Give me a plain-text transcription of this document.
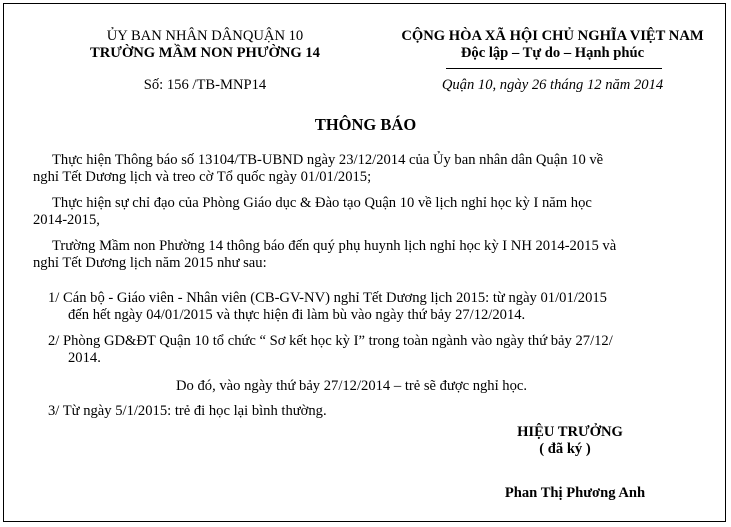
ỦY BAN NHÂN DÂNQUẬN 10
TRƯỜNG MẦM NON PHƯỜNG 14
Số: 156 /TB-MNP14
CỘNG HÒA XÃ HỘI CHỦ NGHĨA VIỆT NAM
Độc lập – Tự do – Hạnh phúc
Quận 10, ngày 26 tháng 12 năm 2014
THÔNG BÁO
Thực hiện Thông báo số 13104/TB-UBND ngày 23/12/2014 của Ủy ban nhân dân Quận 10 về
nghỉ Tết Dương lịch và treo cờ Tổ quốc ngày 01/01/2015;
Thực hiện sự chỉ đạo của Phòng Giáo dục & Đào tạo Quận 10 về lịch nghỉ học kỳ I năm học
2014-2015,
Trường Mầm non Phường 14 thông báo đến quý phụ huynh lịch nghỉ học kỳ I NH 2014-2015 và
nghỉ Tết Dương lịch năm 2015 như sau:
1/ Cán bộ - Giáo viên - Nhân viên (CB-GV-NV) nghỉ Tết Dương lịch 2015: từ ngày 01/01/2015
đến hết ngày 04/01/2015 và thực hiện đi làm bù vào ngày thứ bảy 27/12/2014.
2/ Phòng GD&ĐT Quận 10 tổ chức “ Sơ kết học kỳ I” trong toàn ngành vào ngày thứ bảy 27/12/
2014.
Do đó, vào ngày thứ bảy 27/12/2014 – trẻ sẽ được nghỉ học.
3/ Từ ngày 5/1/2015: trẻ đi học lại bình thường.
HIỆU TRƯỞNG
( đã ký )
Phan Thị Phương Anh
